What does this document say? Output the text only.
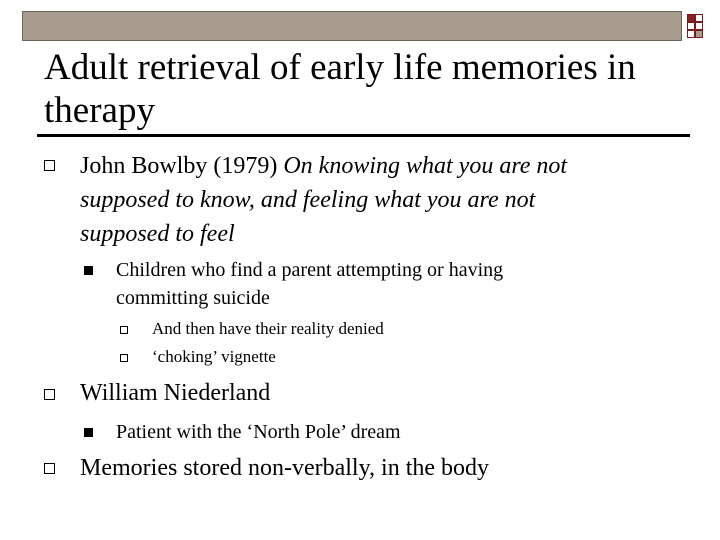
Adult retrieval of early life memories in therapy
John Bowlby (1979) On knowing what you are not
supposed to know, and feeling what you are not
supposed to feel
Children who find a parent attempting or having
committing suicide
And then have their reality denied
‘choking’ vignette
William Niederland
Patient with the ‘North Pole’ dream
Memories stored non-verbally, in the body
